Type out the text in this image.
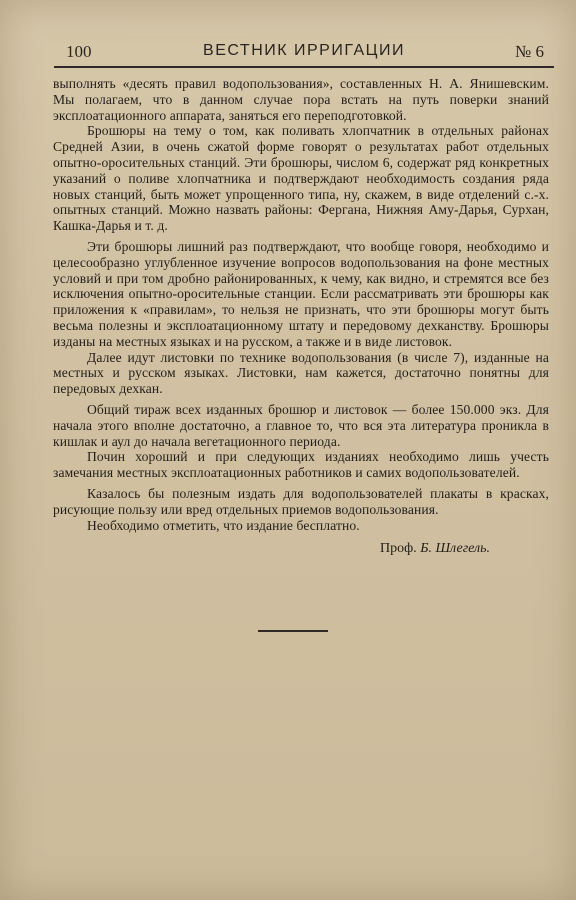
100	ВЕСТНИК ИРРИГАЦИИ	№ 6

выполнять «десять правил водопользования», составленных Н. А. Янишевским. Мы полагаем, что в данном случае пора встать на путь поверки знаний эксплоатационного аппарата, заняться его переподготовкой.

Брошюры на тему о том, как поливать хлопчатник в отдельных районах Средней Азии, в очень сжатой форме говорят о результатах работ отдельных опытно-оросительных станций. Эти брошюры, числом 6, содержат ряд конкретных указаний о поливе хлопчатника и подтверждают необходимость создания ряда новых станций, быть может упрощенного типа, ну, скажем, в виде отделений с.-х. опытных станций. Можно назвать районы: Фергана, Нижняя Аму-Дарья, Сурхан, Кашка-Дарья и т. д.

Эти брошюры лишний раз подтверждают, что вообще говоря, необходимо и целесообразно углубленное изучение вопросов водопользования на фоне местных условий и при том дробно районированных, к чему, как видно, и стремятся все без исключения опытно-оросительные станции. Если рассматривать эти брошюры как приложения к «правилам», то нельзя не признать, что эти брошюры могут быть весьма полезны и эксплоатационному штату и передовому дехканству. Брошюры изданы на местных языках и на русском, а также и в виде листовок.

Далее идут листовки по технике водопользования (в числе 7), изданные на местных и русском языках. Листовки, нам кажется, достаточно понятны для передовых дехкан.

Общий тираж всех изданных брошюр и листовок — более 150.000 экз. Для начала этого вполне достаточно, а главное то, что вся эта литература проникла в кишлак и аул до начала вегетационного периода.

Почин хороший и при следующих изданиях необходимо лишь учесть замечания местных эксплоатационных работников и самих водопользователей.

Казалось бы полезным издать для водопользователей плакаты в красках, рисующие пользу или вред отдельных приемов водопользования.

Необходимо отметить, что издание бесплатно.

Проф. Б. Шлегель.
